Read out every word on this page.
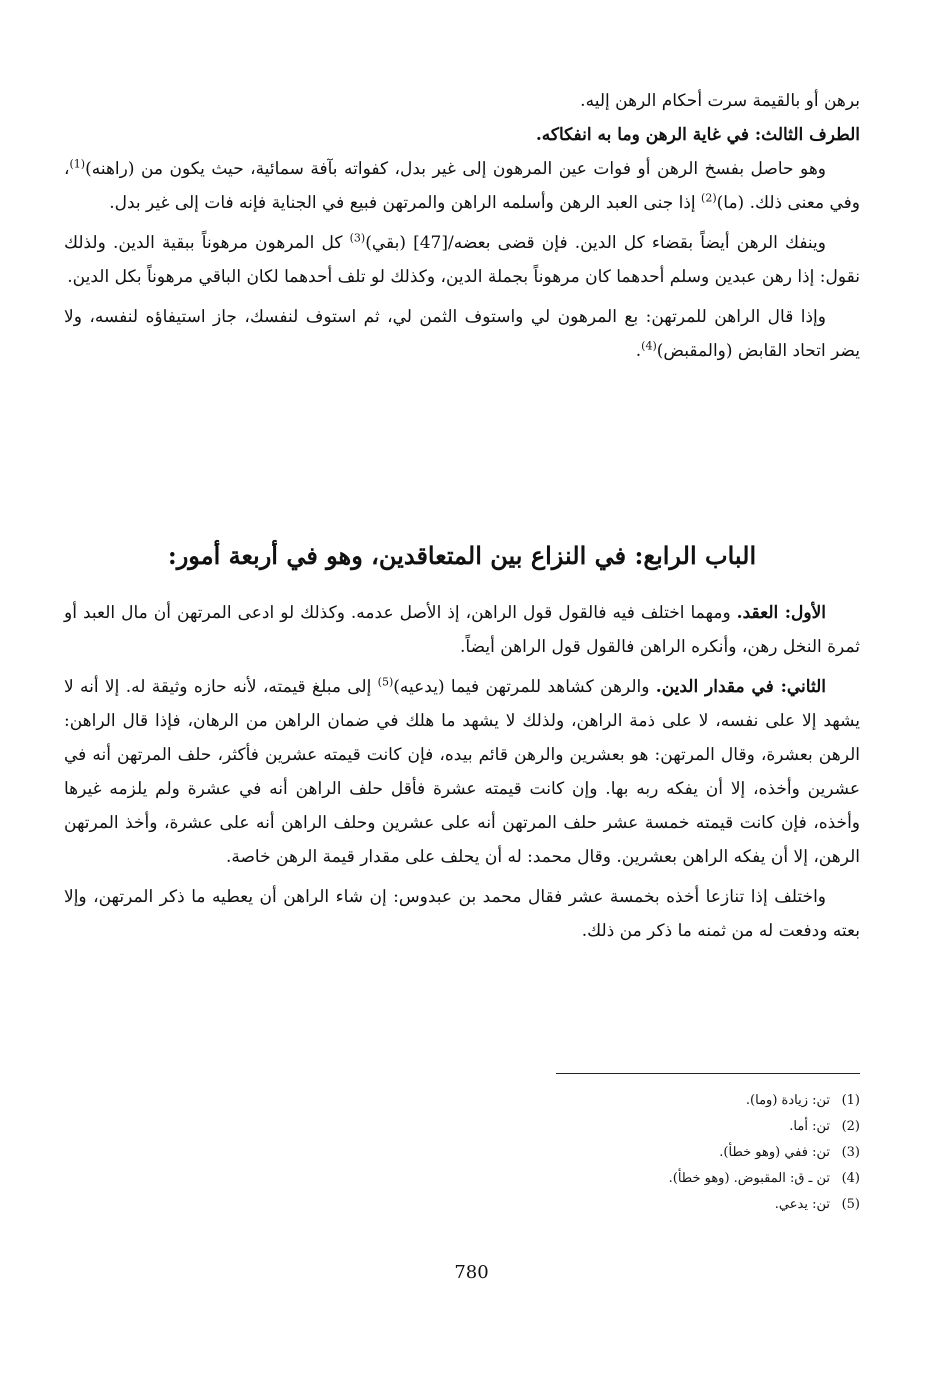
برهن أو بالقيمة سرت أحكام الرهن إليه.

الطرف الثالث: في غاية الرهن وما به انفكاكه.

وهو حاصل بفسخ الرهن أو فوات عين المرهون إلى غير بدل، كفواته بآفة سمائية، حيث يكون من (راهنه)$^{(1)}$، وفي معنى ذلك. (ما)$^{(2)}$ إذا جنى العبد الرهن وأسلمه الراهن والمرتهن فبيع في الجناية فإنه فات إلى غير بدل.

وينفك الرهن أيضاً بقضاء كل الدين. فإن قضى بعضه/[47] (بقي)$^{(3)}$ كل المرهون مرهوناً ببقية الدين. ولذلك نقول: إذا رهن عبدين وسلم أحدهما كان مرهوناً بجملة الدين، وكذلك لو تلف أحدهما لكان الباقي مرهوناً بكل الدين.

وإذا قال الراهن للمرتهن: بع المرهون لي واستوف الثمن لي، ثم استوف لنفسك، جاز استيفاؤه لنفسه، ولا يضر اتحاد القابض (والمقبض)$^{(4)}$.

الباب الرابع: في النزاع بين المتعاقدين، وهو في أربعة أمور:

الأول: العقد. ومهما اختلف فيه فالقول قول الراهن، إذ الأصل عدمه. وكذلك لو ادعى المرتهن أن مال العبد أو ثمرة النخل رهن، وأنكره الراهن فالقول قول الراهن أيضاً.

الثاني: في مقدار الدين. والرهن كشاهد للمرتهن فيما (يدعيه)$^{(5)}$ إلى مبلغ قيمته، لأنه حازه وثيقة له. إلا أنه لا يشهد إلا على نفسه، لا على ذمة الراهن، ولذلك لا يشهد ما هلك في ضمان الراهن من الرهان، فإذا قال الراهن: الرهن بعشرة، وقال المرتهن: هو بعشرين والرهن قائم بيده، فإن كانت قيمته عشرين فأكثر، حلف المرتهن أنه في عشرين وأخذه، إلا أن يفكه ربه بها. وإن كانت قيمته عشرة فأقل حلف الراهن أنه في عشرة ولم يلزمه غيرها وأخذه، فإن كانت قيمته خمسة عشر حلف المرتهن أنه على عشرين وحلف الراهن أنه على عشرة، وأخذ المرتهن الرهن، إلا أن يفكه الراهن بعشرين. وقال محمد: له أن يحلف على مقدار قيمة الرهن خاصة.

واختلف إذا تنازعا أخذه بخمسة عشر فقال محمد بن عبدوس: إن شاء الراهن أن يعطيه ما ذكر المرتهن، وإلا بعته ودفعت له من ثمنه ما ذكر من ذلك.

(1)تن: زيادة (وما).
(2)تن: أما.
(3)تن: ففي (وهو خطأ).
(4)تن ـ ق: المقبوض. (وهو خطأ).
(5)تن: يدعي.
780
